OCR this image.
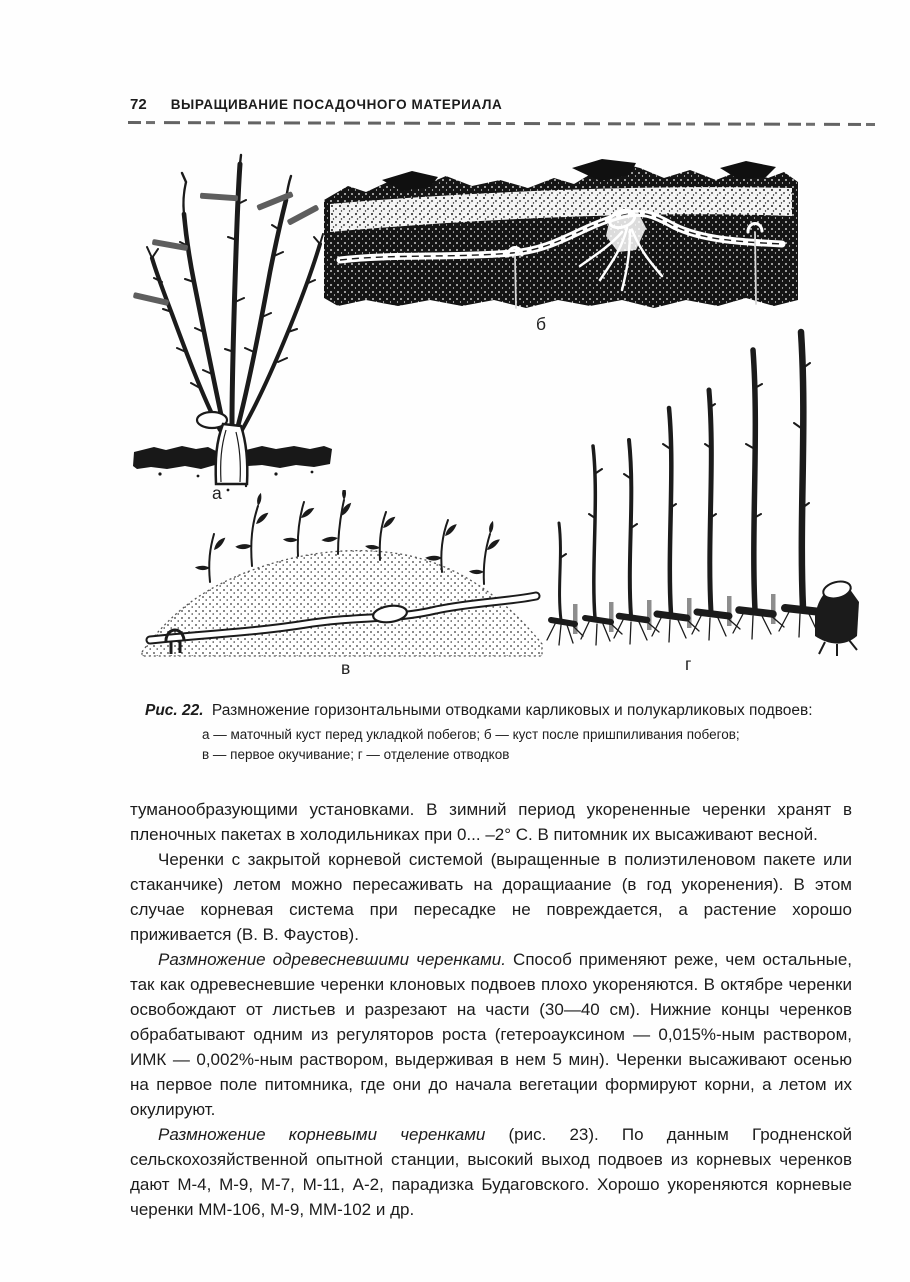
72 ВЫРАЩИВАНИЕ ПОСАДОЧНОГО МАТЕРИАЛА
а
б
в	г
Рис. 22. Размножение горизонтальными отводками карликовых и полукарликовых подвоев:
а — маточный куст перед укладкой побегов; б — куст после пришпиливания побегов;
в — первое окучивание; г — отделение отводков

туманообразующими установками. В зимний период укорененные черенки хранят в пленочных пакетах в холодильниках при 0... –2° С. В питомник их высаживают весной.

Черенки с закрытой корневой системой (выращенные в полиэтиленовом пакете или стаканчике) летом можно пересаживать на доращиаание (в год укоренения). В этом случае корневая система при пересадке не повреждается, а растение хорошо приживается (В. В. Фаустов).

Размножение одревесневшими черенками. Способ применяют реже, чем остальные, так как одревесневшие черенки клоновых подвоев плохо укореняются. В октябре черенки освобождают от листьев и разрезают на части (30—40 см). Нижние концы черенков обрабатывают одним из регуляторов роста (гетероауксином — 0,015%-ным раствором, ИМК — 0,002%-ным раствором, выдерживая в нем 5 мин). Черенки высаживают осенью на первое поле питомника, где они до начала вегетации формируют корни, а летом их окулируют.

Размножение корневыми черенками (рис. 23). По данным Гродненской сельскохозяйственной опытной станции, высокий выход подвоев из корневых черенков дают М-4, М-9, М-7, М-11, А-2, парадизка Будаговского. Хорошо укореняются корневые черенки ММ-106, М-9, ММ-102 и др.
